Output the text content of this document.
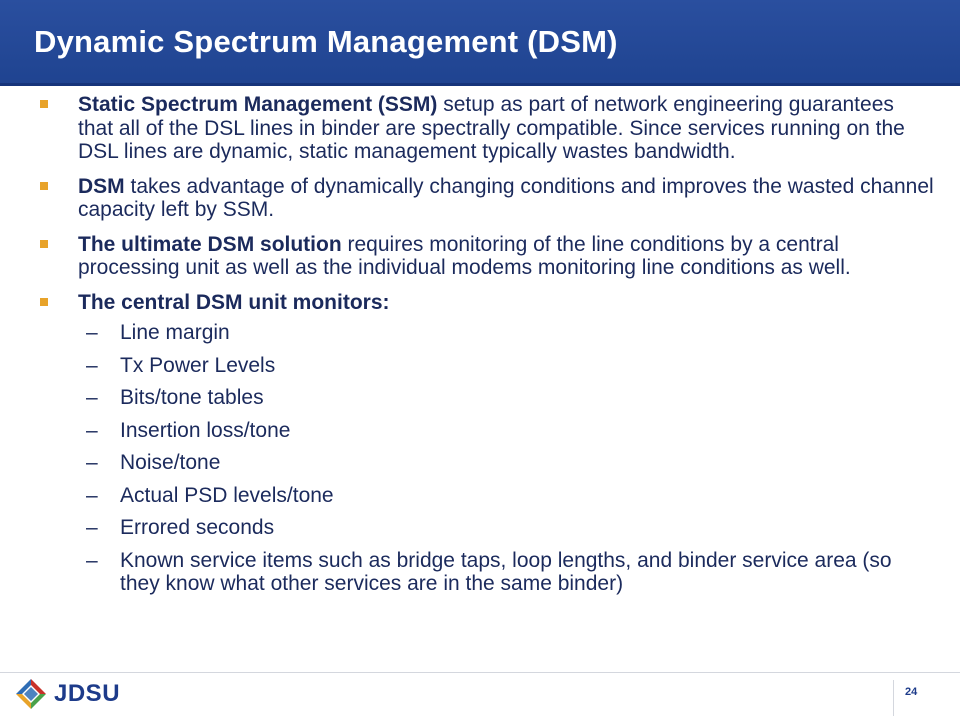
Dynamic Spectrum Management (DSM)
Static Spectrum Management (SSM) setup as part of network engineering guarantees that all of the DSL lines in binder are spectrally compatible. Since services running on the DSL lines are dynamic, static management typically wastes bandwidth.
DSM takes advantage of dynamically changing conditions and improves the wasted channel capacity left by SSM.
The ultimate DSM solution requires monitoring of the line conditions by a central processing unit as well as the individual modems monitoring line conditions as well.
The central DSM unit monitors:
– Line margin
– Tx Power Levels
– Bits/tone tables
– Insertion loss/tone
– Noise/tone
– Actual PSD levels/tone
– Errored seconds
– Known service items such as bridge taps, loop lengths, and binder service area (so they know what other services are in the same binder)
JDSU	24
